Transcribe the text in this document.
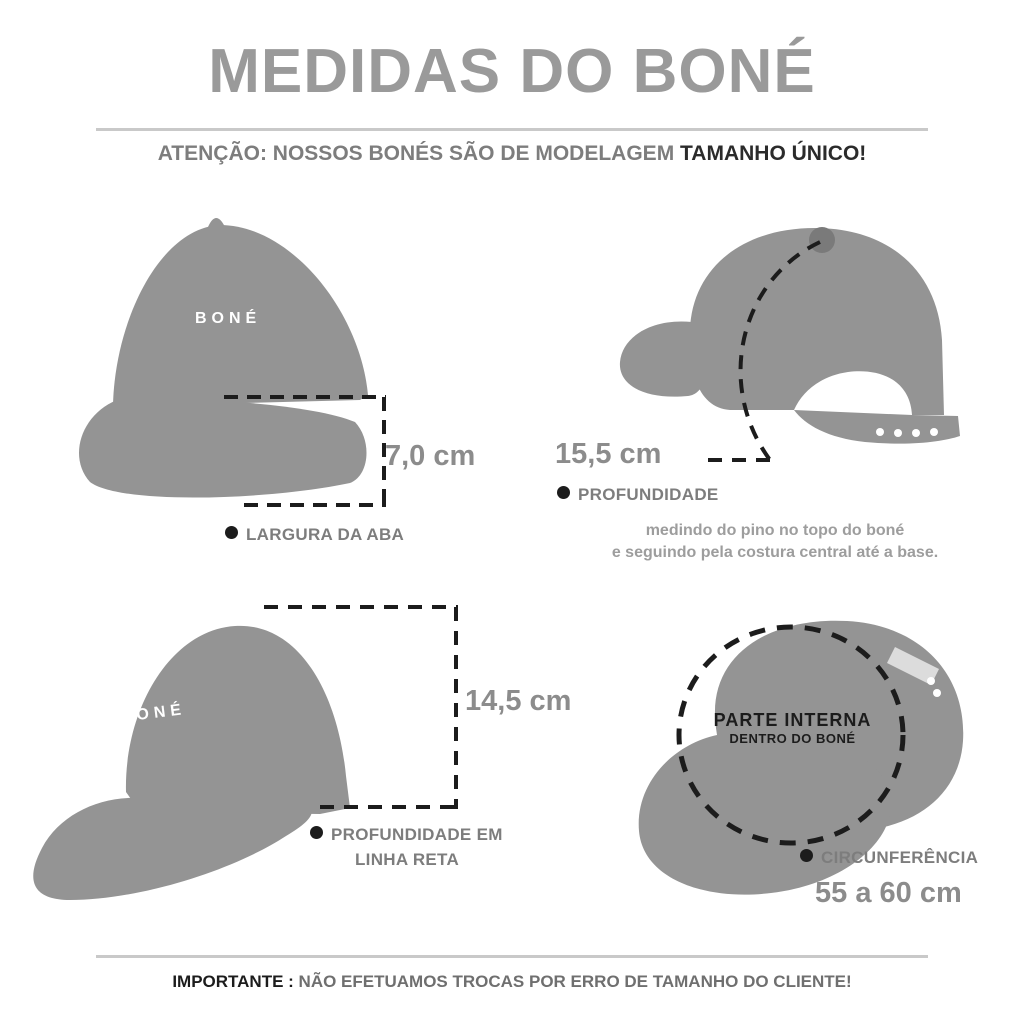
MEDIDAS DO BONÉ
ATENÇÃO: NOSSOS BONÉS SÃO DE MODELAGEM TAMANHO ÚNICO!
7,0 cm
LARGURA DA ABA
BONÉ
15,5 cm
PROFUNDIDADE
medindo do pino no topo do boné
e seguindo pela costura central até a base.
14,5 cm
PROFUNDIDADE EM
LINHA RETA
BONÉ	PARTE INTERNA
DENTRO DO BONÉ
CIRCUNFERÊNCIA
55 a 60 cm
IMPORTANTE : NÃO EFETUAMOS TROCAS POR ERRO DE TAMANHO DO CLIENTE!
